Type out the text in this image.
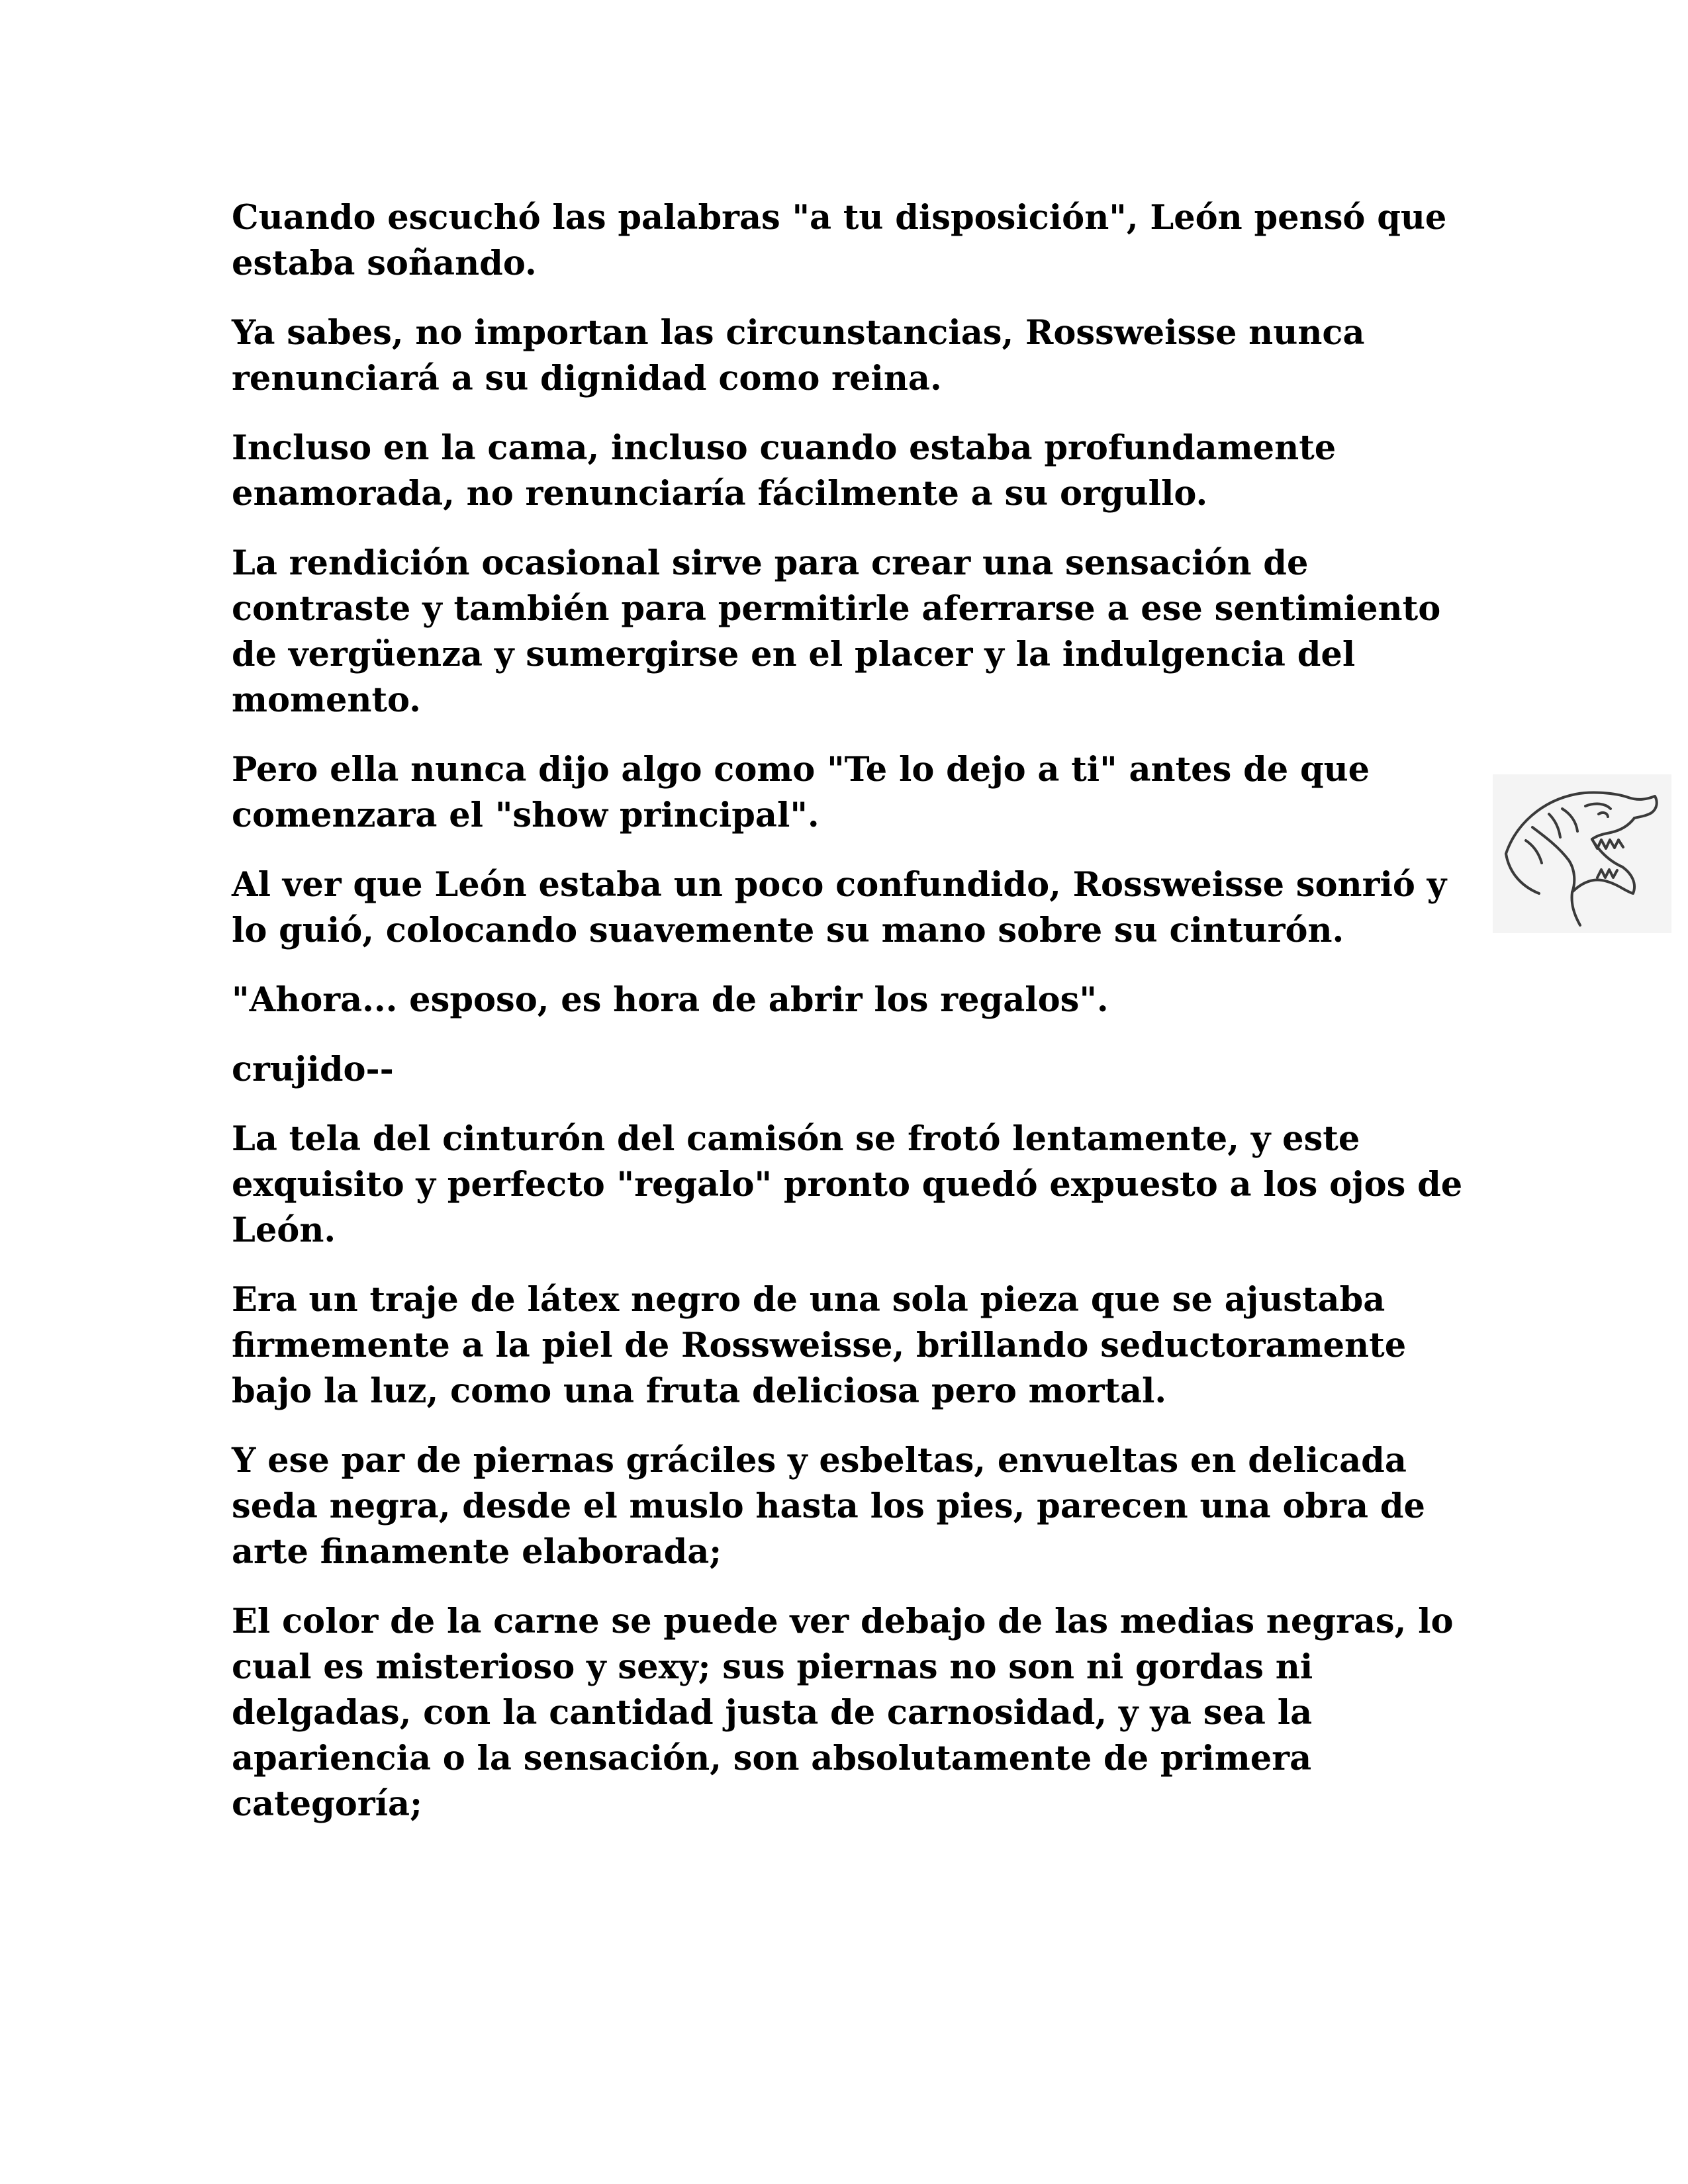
Cuando escuchó las palabras "a tu disposición", León pensó que estaba soñando.

Ya sabes, no importan las circunstancias, Rossweisse nunca renunciará a su dignidad como reina.

Incluso en la cama, incluso cuando estaba profundamente enamorada, no renunciaría fácilmente a su orgullo.

La rendición ocasional sirve para crear una sensación de contraste y también para permitirle aferrarse a ese sentimiento de vergüenza y sumergirse en el placer y la indulgencia del momento.

Pero ella nunca dijo algo como "Te lo dejo a ti" antes de que comenzara el "show principal".

Al ver que León estaba un poco confundido, Rossweisse sonrió y lo guió, colocando suavemente su mano sobre su cinturón.

"Ahora... esposo, es hora de abrir los regalos".

crujido--

La tela del cinturón del camisón se frotó lentamente, y este exquisito y perfecto "regalo" pronto quedó expuesto a los ojos de León.

Era un traje de látex negro de una sola pieza que se ajustaba firmemente a la piel de Rossweisse, brillando seductoramente bajo la luz, como una fruta deliciosa pero mortal.

Y ese par de piernas gráciles y esbeltas, envueltas en delicada seda negra, desde el muslo hasta los pies, parecen una obra de arte finamente elaborada;

El color de la carne se puede ver debajo de las medias negras, lo cual es misterioso y sexy; sus piernas no son ni gordas ni delgadas, con la cantidad justa de carnosidad, y ya sea la apariencia o la sensación, son absolutamente de primera categoría;
